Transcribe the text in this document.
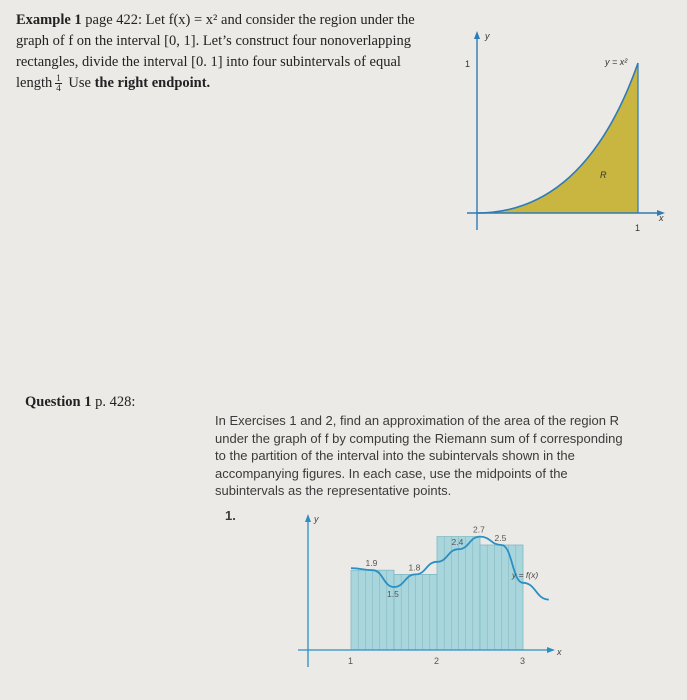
Example 1 page 422: Let f(x) = x² and consider the region under the graph of f on the interval [0, 1]. Let’s construct four nonoverlapping rectangles, divide the interval [0. 1] into four subintervals of equal length $\frac{1}{4}$ Use the right endpoint.
y
x
1
1
y = x²
R
Question 1 p. 428:
In Exercises 1 and 2, find an approximation of the area of the region R under the graph of f by computing the Riemann sum of f corresponding to the partition of the interval into the subintervals shown in the accompanying figures. In each case, use the midpoints of the subintervals as the representative points.
1.	y
x
y = f(x)
1	2	3
1.9
1.5
1.8
2.4
2.7
2.5
